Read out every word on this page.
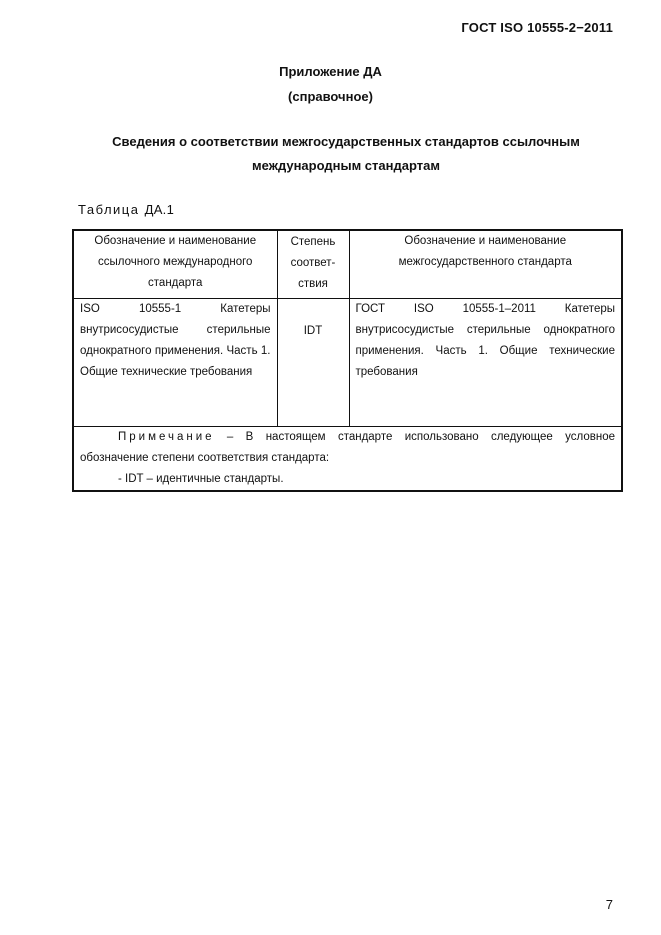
ГОСТ ISO 10555-2−2011
Приложение ДА
(справочное)
Сведения о соответствии межгосударственных стандартов ссылочным
международным стандартам
Таблица ДА.1
Обозначение и наименование ссылочного международного стандарта	Степень соответ-ствия	Обозначение и наименование межгосударственного стандарта
ISO 10555-1 Катетеры внутрисосудистые стерильные однократного применения. Часть 1. Общие технические требования	IDT	ГОСТ ISO 10555-1–2011 Катетеры внутрисосудистые стерильные однократного применения. Часть 1. Общие технические требования

Примечание – В настоящем стандарте использовано следующее условное обозначение степени соответствия стандарта:
- IDT – идентичные стандарты.		
7
